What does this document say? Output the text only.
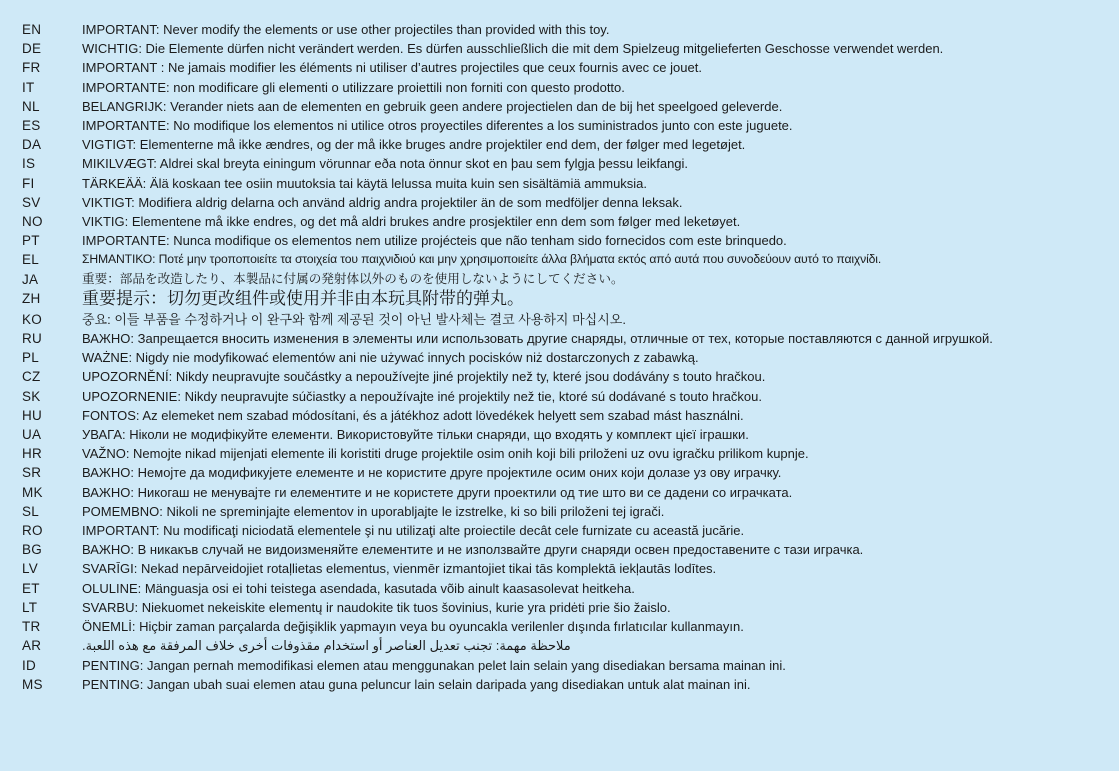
EN	IMPORTANT: Never modify the elements or use other projectiles than provided with this toy.
DE	WICHTIG: Die Elemente dürfen nicht verändert werden. Es dürfen ausschließlich die mit dem Spielzeug mitgelieferten Geschosse verwendet werden.
FR	IMPORTANT : Ne jamais modifier les éléments ni utiliser d’autres projectiles que ceux fournis avec ce jouet.
IT	IMPORTANTE: non modificare gli elementi o utilizzare proiettili non forniti con questo prodotto.
NL	BELANGRIJK: Verander niets aan de elementen en gebruik geen andere projectielen dan de bij het speelgoed geleverde.
ES	IMPORTANTE: No modifique los elementos ni utilice otros proyectiles diferentes a los suministrados junto con este juguete.
DA	VIGTIGT: Elementerne må ikke ændres, og der må ikke bruges andre projektiler end dem, der følger med legetøjet.
IS	MIKILVÆGT: Aldrei skal breyta einingum vörunnar eða nota önnur skot en þau sem fylgja þessu leikfangi.
FI	TÄRKEÄÄ: Älä koskaan tee osiin muutoksia tai käytä lelussa muita kuin sen sisältämiä ammuksia.
SV	VIKTIGT: Modifiera aldrig delarna och använd aldrig andra projektiler än de som medföljer denna leksak.
NO	VIKTIG: Elementene må ikke endres, og det må aldri brukes andre prosjektiler enn dem som følger med leketøyet.
PT	IMPORTANTE: Nunca modifique os elementos nem utilize projécteis que não tenham sido fornecidos com este brinquedo.
EL	ΣΗΜΑΝΤΙΚΟ: Ποτέ μην τροποποιείτε τα στοιχεία του παιχνιδιού και μην χρησιμοποιείτε άλλα βλήματα εκτός από αυτά που συνοδεύουν αυτό το παιχνίδι.
JA	重要：部品を改造したり、本製品に付属の発射体以外のものを使用しないようにしてください。
ZH	重要提示：切勿更改组件或使用并非由本玩具附带的弹丸。
KO	중요: 이들 부품을 수정하거나 이 완구와 함께 제공된 것이 아닌 발사체는 결코 사용하지 마십시오.
RU	ВАЖНО: Запрещается вносить изменения в элементы или использовать другие снаряды, отличные от тех, которые поставляются с данной игрушкой.
PL	WAŻNE: Nigdy nie modyfikować elementów ani nie używać innych pocisków niż dostarczonych z zabawką.
CZ	UPOZORNĚNÍ: Nikdy neupravujte součástky a nepoužívejte jiné projektily než ty, které jsou dodávány s touto hračkou.
SK	UPOZORNENIE: Nikdy neupravujte súčiastky a nepoužívajte iné projektily než tie, ktoré sú dodávané s touto hračkou.
HU	FONTOS: Az elemeket nem szabad módosítani, és a játékhoz adott lövedékek helyett sem szabad mást használni.
UA	УВАГА: Ніколи не модифікуйте елементи. Використовуйте тільки снаряди, що входять у комплект цієї іграшки.
HR	VAŽNO: Nemojte nikad mijenjati elemente ili koristiti druge projektile osim onih koji bili priloženi uz ovu igračku prilikom kupnje.
SR	ВАЖНО: Немојте да модификујете елементе и не користите друге пројектиле осим оних који долазе уз ову играчку.
MK	ВАЖНО: Никогаш не менувајте ги елементите и не користете други проектили од тие што ви се дадени со играчката.
SL	POMEMBNO: Nikoli ne spreminjajte elementov in uporabljajte le izstrelke, ki so bili priloženi tej igrači.
RO	IMPORTANT: Nu modificaţi niciodată elementele şi nu utilizaţi alte proiectile decât cele furnizate cu această jucărie.
BG	ВАЖНО: В никакъв случай не видоизменяйте елементите и не използвайте други снаряди освен предоставените с тази играчка.
LV	SVARĪGI: Nekad nepārveidojiet rotaļlietas elementus, vienmēr izmantojiet tikai tās komplektā iekļautās lodītes.
ET	OLULINE: Mänguasja osi ei tohi teistega asendada, kasutada võib ainult kaasasolevat heitkeha.
LT	SVARBU: Niekuomet nekeiskite elementų ir naudokite tik tuos šovinius, kurie yra pridėti prie šio žaislo.
TR	ÖNEMLİ: Hiçbir zaman parçalarda değişiklik yapmayın veya bu oyuncakla verilenler dışında fırlatıcılar kullanmayın.
AR	ملاحظة مهمة: تجنب تعديل العناصر أو استخدام مقذوفات أخرى خلاف المرفقة مع هذه اللعبة.
ID	PENTING: Jangan pernah memodifikasi elemen atau menggunakan pelet lain selain yang disediakan bersama mainan ini.
MS	PENTING: Jangan ubah suai elemen atau guna peluncur lain selain daripada yang disediakan untuk alat mainan ini.
